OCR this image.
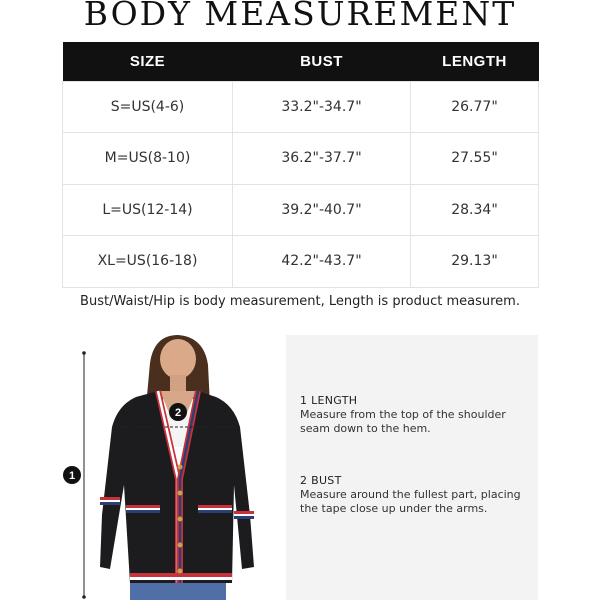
BODY MEASUREMENT
SIZE	BUST	LENGTH
S=US(4-6)	33.2"-34.7"	26.77"
M=US(8-10)	36.2"-37.7"	27.55"
L=US(12-14)	39.2"-40.7"	28.34"
XL=US(16-18)	42.2"-43.7"	29.13"
Bust/Waist/Hip is body measurement, Length is product measurem.
1
2
1 LENGTH
Measure from the top of the shoulder seam down to the hem.
2 BUST
Measure around the fullest part, placing the tape close up under the arms.
